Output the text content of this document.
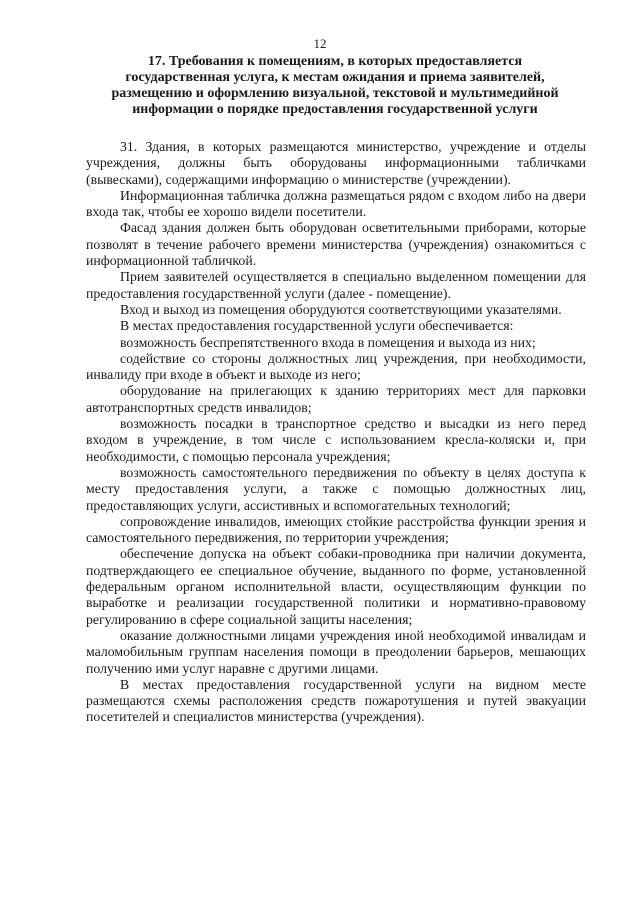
12
17. Требования к помещениям, в которых предоставляется
государственная услуга, к местам ожидания и приема заявителей,
размещению и оформлению визуальной, текстовой и мультимедийной
информации о порядке предоставления государственной услуги

31. Здания, в которых размещаются министерство, учреждение и отделы учреждения, должны быть оборудованы информационными табличками (вывесками), содержащими информацию о министерстве (учреждении).

Информационная табличка должна размещаться рядом с входом либо на двери входа так, чтобы ее хорошо видели посетители.

Фасад здания должен быть оборудован осветительными приборами, которые позволят в течение рабочего времени министерства (учреждения) ознакомиться с информационной табличкой.

Прием заявителей осуществляется в специально выделенном помещении для предоставления государственной услуги (далее - помещение).

Вход и выход из помещения оборудуются соответствующими указателями.

В местах предоставления государственной услуги обеспечивается:

возможность беспрепятственного входа в помещения и выхода из них;

содействие со стороны должностных лиц учреждения, при необходимости, инвалиду при входе в объект и выходе из него;

оборудование на прилегающих к зданию территориях мест для парковки автотранспортных средств инвалидов;

возможность посадки в транспортное средство и высадки из него перед входом в учреждение, в том числе с использованием кресла-коляски и, при необходимости, с помощью персонала учреждения;

возможность самостоятельного передвижения по объекту в целях доступа к месту предоставления услуги, а также с помощью должностных лиц, предоставляющих услуги, ассистивных и вспомогательных технологий;

сопровождение инвалидов, имеющих стойкие расстройства функции зрения и самостоятельного передвижения, по территории учреждения;

обеспечение допуска на объект собаки-проводника при наличии документа, подтверждающего ее специальное обучение, выданного по форме, установленной федеральным органом исполнительной власти, осуществляющим функции по выработке и реализации государственной политики и нормативно-правовому регулированию в сфере социальной защиты населения;

оказание должностными лицами учреждения иной необходимой инвалидам и маломобильным группам населения помощи в преодолении барьеров, мешающих получению ими услуг наравне с другими лицами.

В местах предоставления государственной услуги на видном месте размещаются схемы расположения средств пожаротушения и путей эвакуации посетителей и специалистов министерства (учреждения).
